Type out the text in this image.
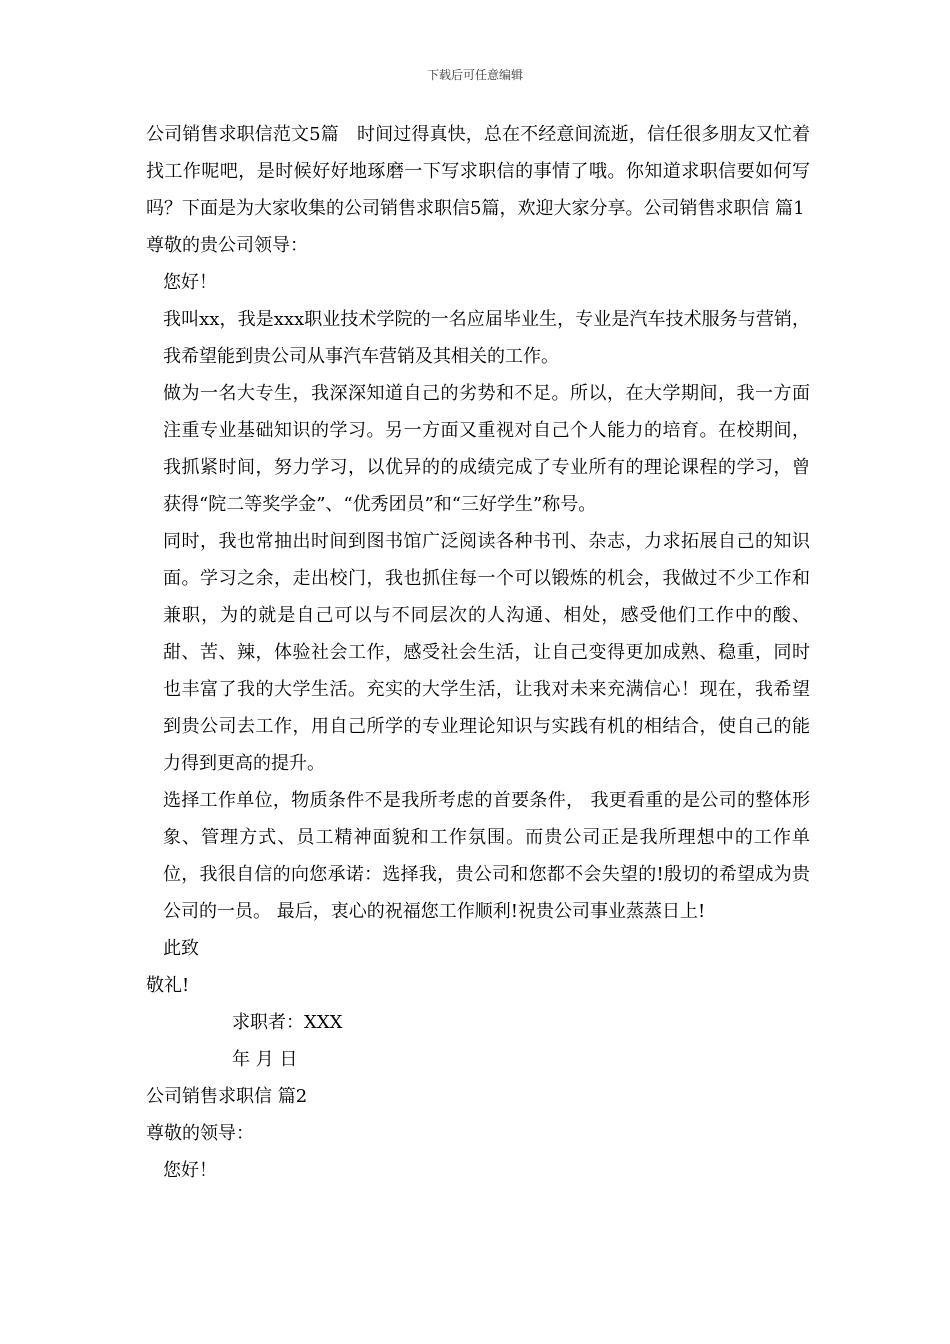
下载后可任意编辑

公司销售求职信范文5篇　时间过得真快，总在不经意间流逝，信任很多朋友又忙着找工作呢吧，是时候好好地琢磨一下写求职信的事情了哦。你知道求职信要如何写吗？下面是为大家收集的公司销售求职信5篇，欢迎大家分享。公司销售求职信 篇1

尊敬的贵公司领导：

您好！

我叫xx，我是xxx职业技术学院的一名应届毕业生，专业是汽车技术服务与营销，我希望能到贵公司从事汽车营销及其相关的工作。

做为一名大专生，我深深知道自己的劣势和不足。所以，在大学期间，我一方面注重专业基础知识的学习。另一方面又重视对自己个人能力的培育。在校期间， 我抓紧时间，努力学习，以优异的的成绩完成了专业所有的理论课程的学习，曾获得“院二等奖学金”、“优秀团员”和“三好学生”称号。

同时，我也常抽出时间到图书馆广泛阅读各种书刊、杂志，力求拓展自己的知识面。学习之余，走出校门，我也抓住每一个可以锻炼的机会，我做过不少工作和兼职，为的就是自己可以与不同层次的人沟通、相处，感受他们工作中的酸、甜、苦、辣，体验社会工作，感受社会生活，让自己变得更加成熟、稳重，同时也丰富了我的大学生活。充实的大学生活，让我对未来充满信心！现在，我希望到贵公司去工作，用自己所学的专业理论知识与实践有机的相结合，使自己的能力得到更高的提升。

选择工作单位，物质条件不是我所考虑的首要条件， 我更看重的是公司的整体形象、管理方式、员工精神面貌和工作氛围。而贵公司正是我所理想中的工作单位，我很自信的向您承诺：选择我，贵公司和您都不会失望的!殷切的希望成为贵公司的一员。 最后，衷心的祝福您工作顺利!祝贵公司事业蒸蒸日上!

此致

敬礼!

求职者：XXX

年 月 日

公司销售求职信 篇2

尊敬的领导：

您好！
